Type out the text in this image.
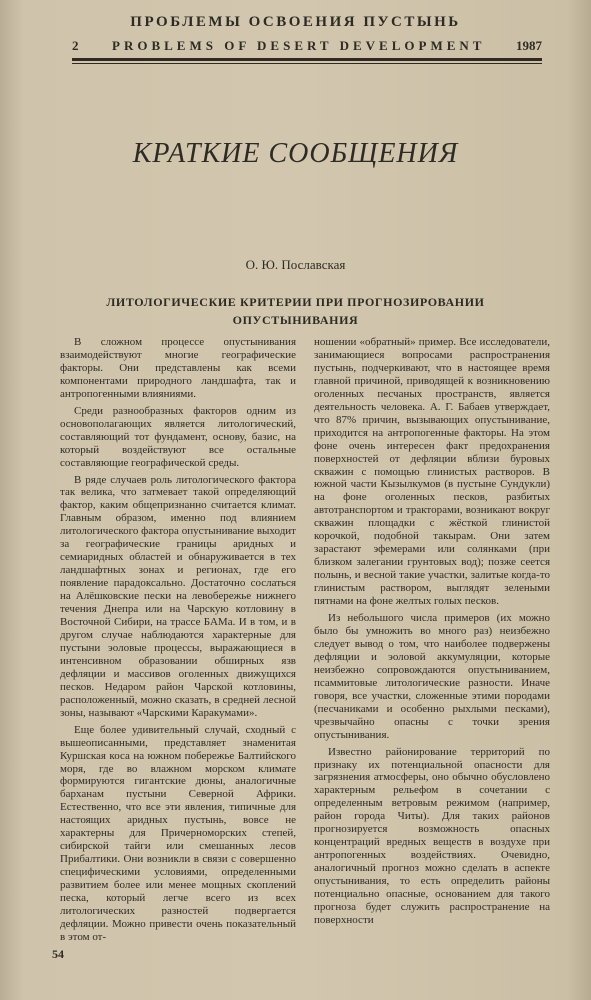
ПРОБЛЕМЫ ОСВОЕНИЯ ПУСТЫНЬ
2	PROBLEMS OF DESERT DEVELOPMENT 1987
КРАТКИЕ СООБЩЕНИЯ
О. Ю. Пославская
ЛИТОЛОГИЧЕСКИЕ КРИТЕРИИ ПРИ ПРОГНОЗИРОВАНИИ
ОПУСТЫНИВАНИЯ

В сложном процессе опустынивания взаимодействуют многие географические факторы. Они представлены как всеми компонентами природного ландшафта, так и антропогенными влияниями.

Среди разнообразных факторов одним из основополагающих является литологический, составляющий тот фундамент, основу, базис, на который воздействуют все остальные составляющие географической среды.

В ряде случаев роль литологического фактора так велика, что затмевает такой определяющий фактор, каким общепризнанно считается климат. Главным образом, именно под влиянием литологического фактора опустынивание выходит за географические границы аридных и семиаридных областей и обнаруживается в тех ландшафтных зонах и регионах, где его появление парадоксально. Достаточно сослаться на Алёшковские пески на левобережье нижнего течения Днепра или на Чарскую котловину в Восточной Сибири, на трассе БАМа. И в том, и в другом случае наблюдаются характерные для пустыни эоловые процессы, выражающиеся в интенсивном образовании обширных язв дефляции и массивов оголенных движущихся песков. Недаром район Чарской котловины, расположенный, можно сказать, в средней лесной зоны, называют «Чарскими Каракумами».

Еще более удивительный случай, сходный с вышеописанными, представляет знаменитая Куршская коса на южном побережье Балтийского моря, где во влажном морском климате формируются гигантские дюны, аналогичные барханам пустыни Северной Африки. Естественно, что все эти явления, типичные для настоящих аридных пустынь, вовсе не характерны для Причерноморских степей, сибирской тайги или смешанных лесов Прибалтики. Они возникли в связи с совершенно специфическими условиями, определенными развитием более или менее мощных скоплений песка, который легче всего из всех литологических разностей подвергается дефляции. Можно привести очень показательный в этом от-

ношении «обратный» пример. Все исследователи, занимающиеся вопросами распространения пустынь, подчеркивают, что в настоящее время главной причиной, приводящей к возникновению оголенных песчаных пространств, является деятельность человека. А. Г. Бабаев утверждает, что 87% причин, вызывающих опустынивание, приходится на антропогенные факторы. На этом фоне очень интересен факт предохранения поверхностей от дефляции вблизи буровых скважин с помощью глинистых растворов. В южной части Кызылкумов (в пустыне Сундукли) на фоне оголенных песков, разбитых автотранспортом и тракторами, возникают вокруг скважин площадки с жёсткой глинистой корочкой, подобной такырам. Они затем зарастают эфемерами или солянками (при близком залегании грунтовых вод); позже сеется полынь, и весной такие участки, залитые когда-то глинистым раствором, выглядят зелеными пятнами на фоне желтых голых песков.

Из небольшого числа примеров (их можно было бы умножить во много раз) неизбежно следует вывод о том, что наиболее подвержены дефляции и эоловой аккумуляции, которые неизбежно сопровождаются опустыниванием, псаммитовые литологические разности. Иначе говоря, все участки, сложенные этими породами (песчаниками и особенно рыхлыми песками), чрезвычайно опасны с точки зрения опустынивания.

Известно районирование территорий по признаку их потенциальной опасности для загрязнения атмосферы, оно обычно обусловлено характерным рельефом в сочетании с определенным ветровым режимом (например, район города Читы). Для таких районов прогнозируется возможность опасных концентраций вредных веществ в воздухе при антропогенных воздействиях. Очевидно, аналогичный прогноз можно сделать в аспекте опустынивания, то есть определить районы потенциально опасные, основанием для такого прогноза будет служить распространение на поверхности

54
